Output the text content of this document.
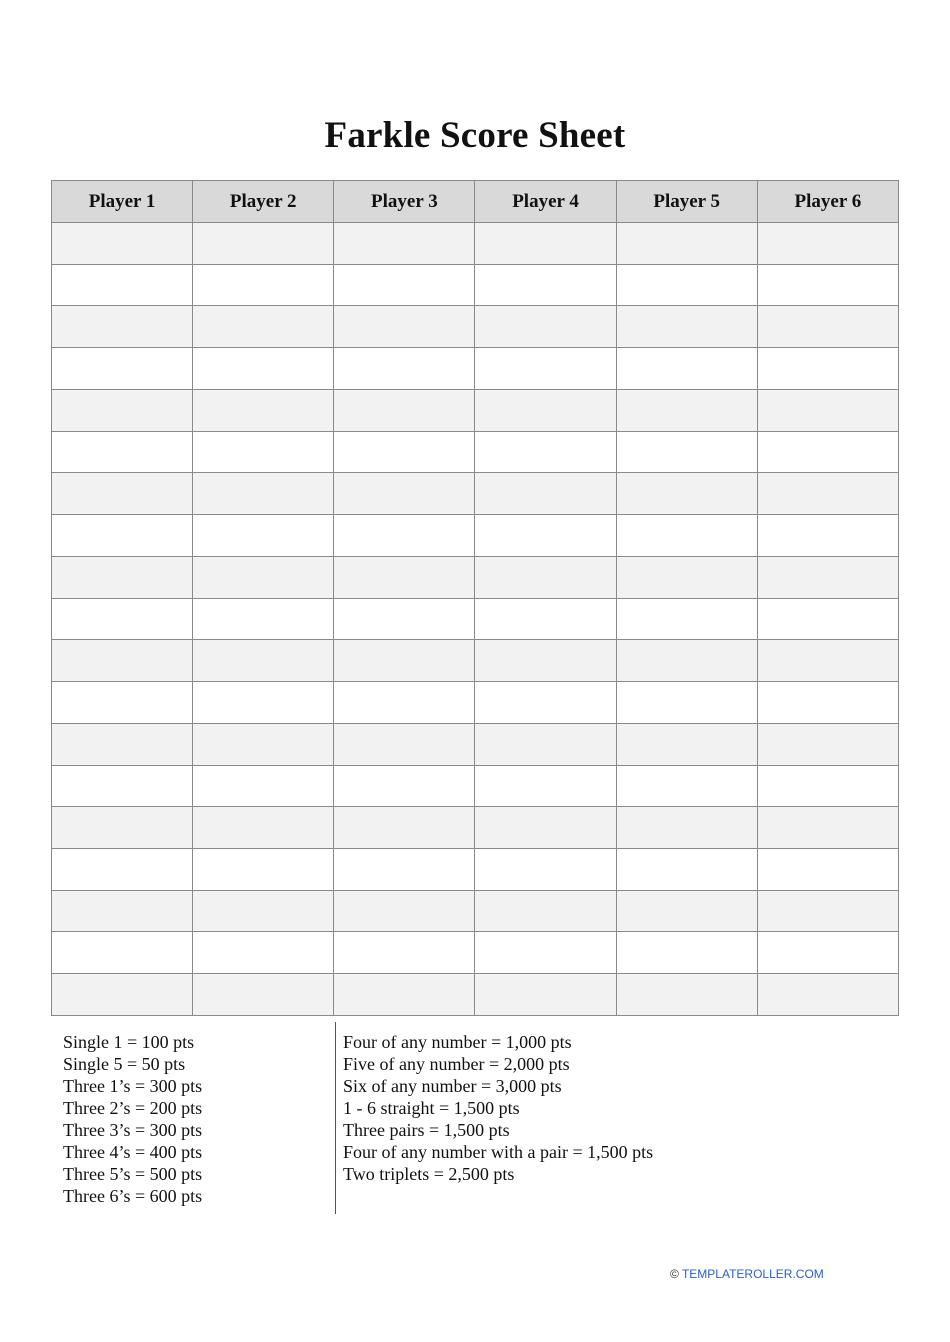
Farkle Score Sheet
Player 1	Player 2	Player 3	Player 4	Player 5	Player 6

Single 1 = 100 pts
Single 5 = 50 pts
Three 1’s = 300 pts
Three 2’s = 200 pts
Three 3’s = 300 pts
Three 4’s = 400 pts
Three 5’s = 500 pts
Three 6’s = 600 pts
Four of any number = 1,000 pts
Five of any number = 2,000 pts
Six of any number = 3,000 pts
1 - 6 straight = 1,500 pts
Three pairs = 1,500 pts
Four of any number with a pair = 1,500 pts
Two triplets = 2,500 pts
© TEMPLATEROLLER.COM
